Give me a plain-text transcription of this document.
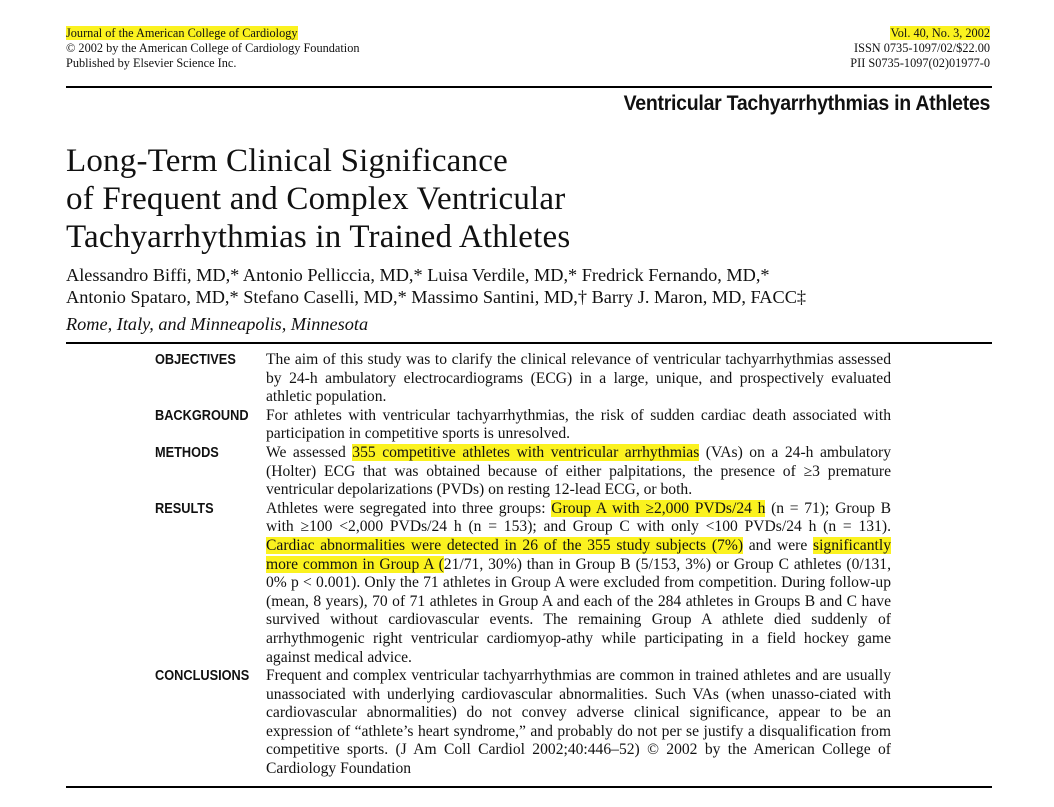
Journal of the American College of Cardiology
© 2002 by the American College of Cardiology Foundation
Published by Elsevier Science Inc.
Vol. 40, No. 3, 2002
ISSN 0735-1097/02/$22.00
PII S0735-1097(02)01977-0
Ventricular Tachyarrhythmias in Athletes
Long-Term Clinical Significance
of Frequent and Complex Ventricular
Tachyarrhythmias in Trained Athletes
Alessandro Biffi, MD,* Antonio Pelliccia, MD,* Luisa Verdile, MD,* Fredrick Fernando, MD,*
Antonio Spataro, MD,* Stefano Caselli, MD,* Massimo Santini, MD,† Barry J. Maron, MD, FACC‡
Rome, Italy, and Minneapolis, Minnesota
OBJECTIVES	The aim of this study was to clarify the clinical relevance of ventricular tachyarrhythmias assessed by 24-h ambulatory electrocardiograms (ECG) in a large, unique, and prospectively evaluated athletic population.
BACKGROUND For athletes with ventricular tachyarrhythmias, the risk of sudden cardiac death associated with participation in competitive sports is unresolved.
METHODS	We assessed 355 competitive athletes with ventricular arrhythmias (VAs) on a 24-h ambulatory (Holter) ECG that was obtained because of either palpitations, the presence of ≥3 premature ventricular depolarizations (PVDs) on resting 12-lead ECG, or both.
RESULTS	Athletes were segregated into three groups: Group A with ≥2,000 PVDs/24 h (n = 71); Group B with ≥100 <2,000 PVDs/24 h (n = 153); and Group C with only <100 PVDs/24 h (n = 131). Cardiac abnormalities were detected in 26 of the 355 study subjects (7%) and were significantly more common in Group A (21/71, 30%) than in Group B (5/153, 3%) or Group C athletes (0/131, 0% p < 0.001). Only the 71 athletes in Group A were excluded from competition. During follow-up (mean, 8 years), 70 of 71 athletes in Group A and each of the 284 athletes in Groups B and C have survived without cardiovascular events. The remaining Group A athlete died suddenly of arrhythmogenic right ventricular cardiomyop-athy while participating in a field hockey game against medical advice.
CONCLUSIONS Frequent and complex ventricular tachyarrhythmias are common in trained athletes and are usually unassociated with underlying cardiovascular abnormalities. Such VAs (when unasso-ciated with cardiovascular abnormalities) do not convey adverse clinical significance, appear to be an expression of “athlete’s heart syndrome,” and probably do not per se justify a disqualification from competitive sports. (J Am Coll Cardiol 2002;40:446–52) © 2002 by the American College of Cardiology Foundation
